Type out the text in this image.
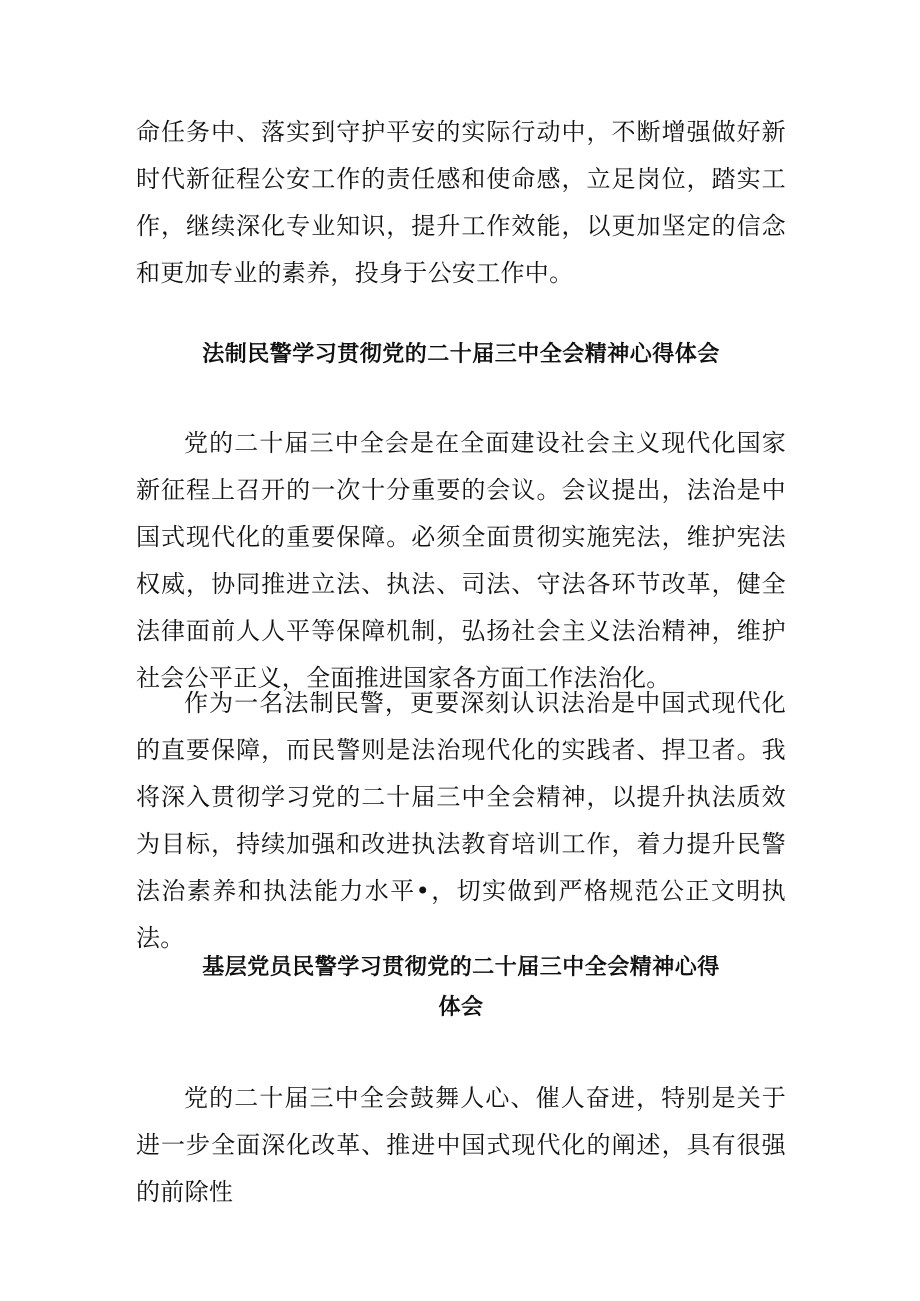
命任务中、落实到守护平安的实际行动中，不断增强做好新时代新征程公安工作的责任感和使命感，立足岗位，踏实工作，继续深化专业知识，提升工作效能，以更加坚定的信念和更加专业的素养，投身于公安工作中。

法制民警学习贯彻党的二十届三中全会精神心得体会

党的二十届三中全会是在全面建设社会主义现代化国家新征程上召开的一次十分重要的会议。会议提出，法治是中国式现代化的重要保障。必须全面贯彻实施宪法，维护宪法权威，协同推进立法、执法、司法、守法各环节改革，健全法律面前人人平等保障机制，弘扬社会主义法治精神，维护社会公平正义，全面推进国家各方面工作法治化。

作为一名法制民警，更要深刻认识法治是中国式现代化的直要保障，而民警则是法治现代化的实践者、捍卫者。我将深入贯彻学习党的二十届三中全会精神，以提升执法质效为目标，持续加强和改进执法教育培训工作，着力提升民警法治素养和执法能力水平•，切实做到严格规范公正文明执法。

基层党员民警学习贯彻党的二十届三中全会精神心得
体会

党的二十届三中全会鼓舞人心、催人奋进，特别是关于进一步全面深化改革、推进中国式现代化的阐述，具有很强的前除性
